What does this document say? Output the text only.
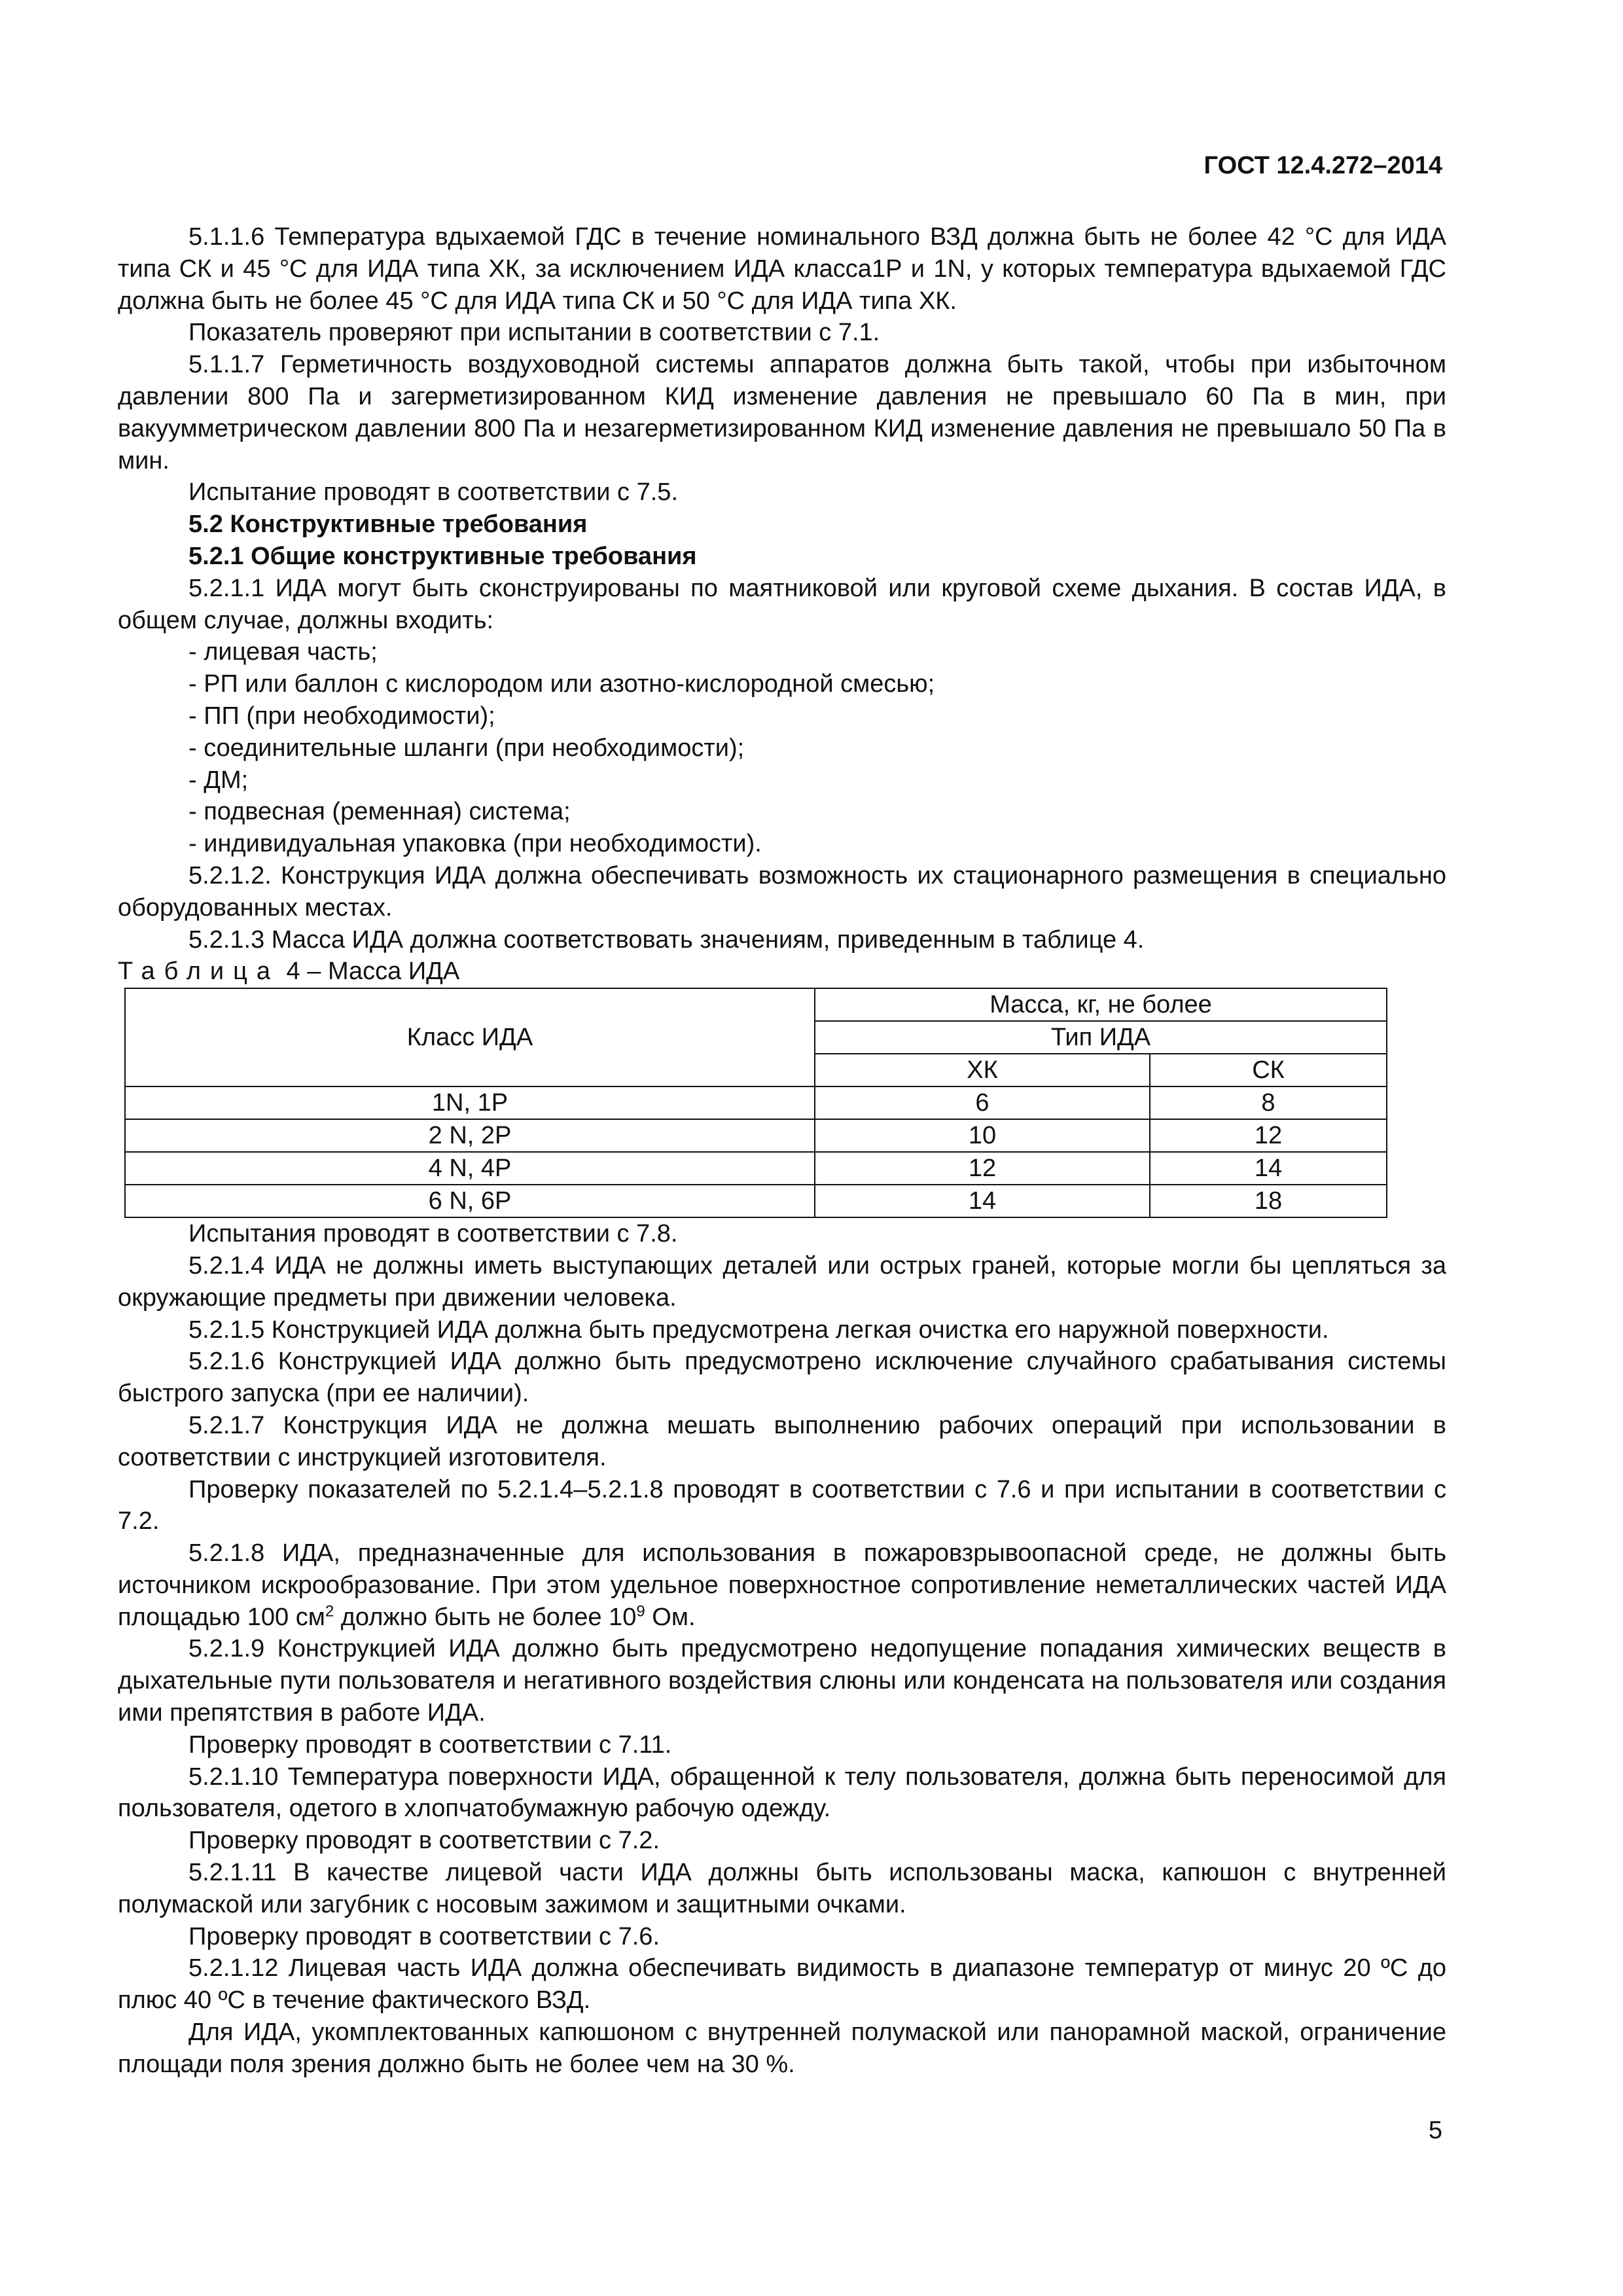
ГОСТ 12.4.272–2014

5.1.1.6 Температура вдыхаемой ГДС в течение номинального ВЗД должна быть не более 42 °С для ИДА типа СК и 45 °С для ИДА типа ХК, за исключением ИДА класса1Р и 1N, у которых температура вдыхаемой ГДС должна быть не более 45 °С для ИДА типа СК и 50 °С для ИДА типа ХК.

Показатель проверяют при испытании в соответствии с 7.1.

5.1.1.7 Герметичность воздуховодной системы аппаратов должна быть такой, чтобы при избыточном давлении 800 Па и загерметизированном КИД изменение давления не превышало 60 Па в мин, при вакуумметрическом давлении 800 Па и незагерметизированном КИД изменение давления не превышало 50 Па в мин.

Испытание проводят в соответствии с 7.5.

5.2 Конструктивные требования

5.2.1 Общие конструктивные требования

5.2.1.1 ИДА могут быть сконструированы по маятниковой или круговой схеме дыхания. В состав ИДА, в общем случае, должны входить:

- лицевая часть;

- РП или баллон с кислородом или азотно-кислородной смесью;

- ПП (при необходимости);

- соединительные шланги (при необходимости);

- ДМ;

- подвесная (ременная) система;

- индивидуальная упаковка (при необходимости).

5.2.1.2. Конструкция ИДА должна обеспечивать возможность их стационарного размещения в специально оборудованных местах.

5.2.1.3 Масса ИДА должна соответствовать значениям, приведенным в таблице 4.

Таблица 4 – Масса ИДА

Класс ИДА	Масса, кг, не более	
	Тип ИДА	
	ХК	СК
1N, 1P	6	8
2 N, 2P	10	12
4 N, 4P	12	14
6 N, 6P	14	18

Испытания проводят в соответствии с 7.8.

5.2.1.4 ИДА не должны иметь выступающих деталей или острых граней, которые могли бы цепляться за окружающие предметы при движении человека.

5.2.1.5 Конструкцией ИДА должна быть предусмотрена легкая очистка его наружной поверхности.

5.2.1.6 Конструкцией ИДА должно быть предусмотрено исключение случайного срабатывания системы быстрого запуска (при ее наличии).

5.2.1.7 Конструкция ИДА не должна мешать выполнению рабочих операций при использовании в соответствии с инструкцией изготовителя.

Проверку показателей по 5.2.1.4–5.2.1.8 проводят в соответствии с 7.6 и при испытании в соответствии с 7.2.

5.2.1.8 ИДА, предназначенные для использования в пожаровзрывоопасной среде, не должны быть источником искрообразование. При этом удельное поверхностное сопротивление неметаллических частей ИДА площадью 100 $см^2$ должно быть не более $10^9$ Ом.

5.2.1.9 Конструкцией ИДА должно быть предусмотрено недопущение попадания химических веществ в дыхательные пути пользователя и негативного воздействия слюны или конденсата на пользователя или создания ими препятствия в работе ИДА.

Проверку проводят в соответствии с 7.11.

5.2.1.10 Температура поверхности ИДА, обращенной к телу пользователя, должна быть переносимой для пользователя, одетого в хлопчатобумажную рабочую одежду.

Проверку проводят в соответствии с 7.2.

5.2.1.11 В качестве лицевой части ИДА должны быть использованы маска, капюшон с внутренней полумаской или загубник с носовым зажимом и защитными очками.

Проверку проводят в соответствии с 7.6.

5.2.1.12 Лицевая часть ИДА должна обеспечивать видимость в диапазоне температур от минус 20 ºС до плюс 40 ºС в течение фактического ВЗД.

Для ИДА, укомплектованных капюшоном с внутренней полумаской или панорамной маской, ограничение площади поля зрения должно быть не более чем на 30 %.

5
